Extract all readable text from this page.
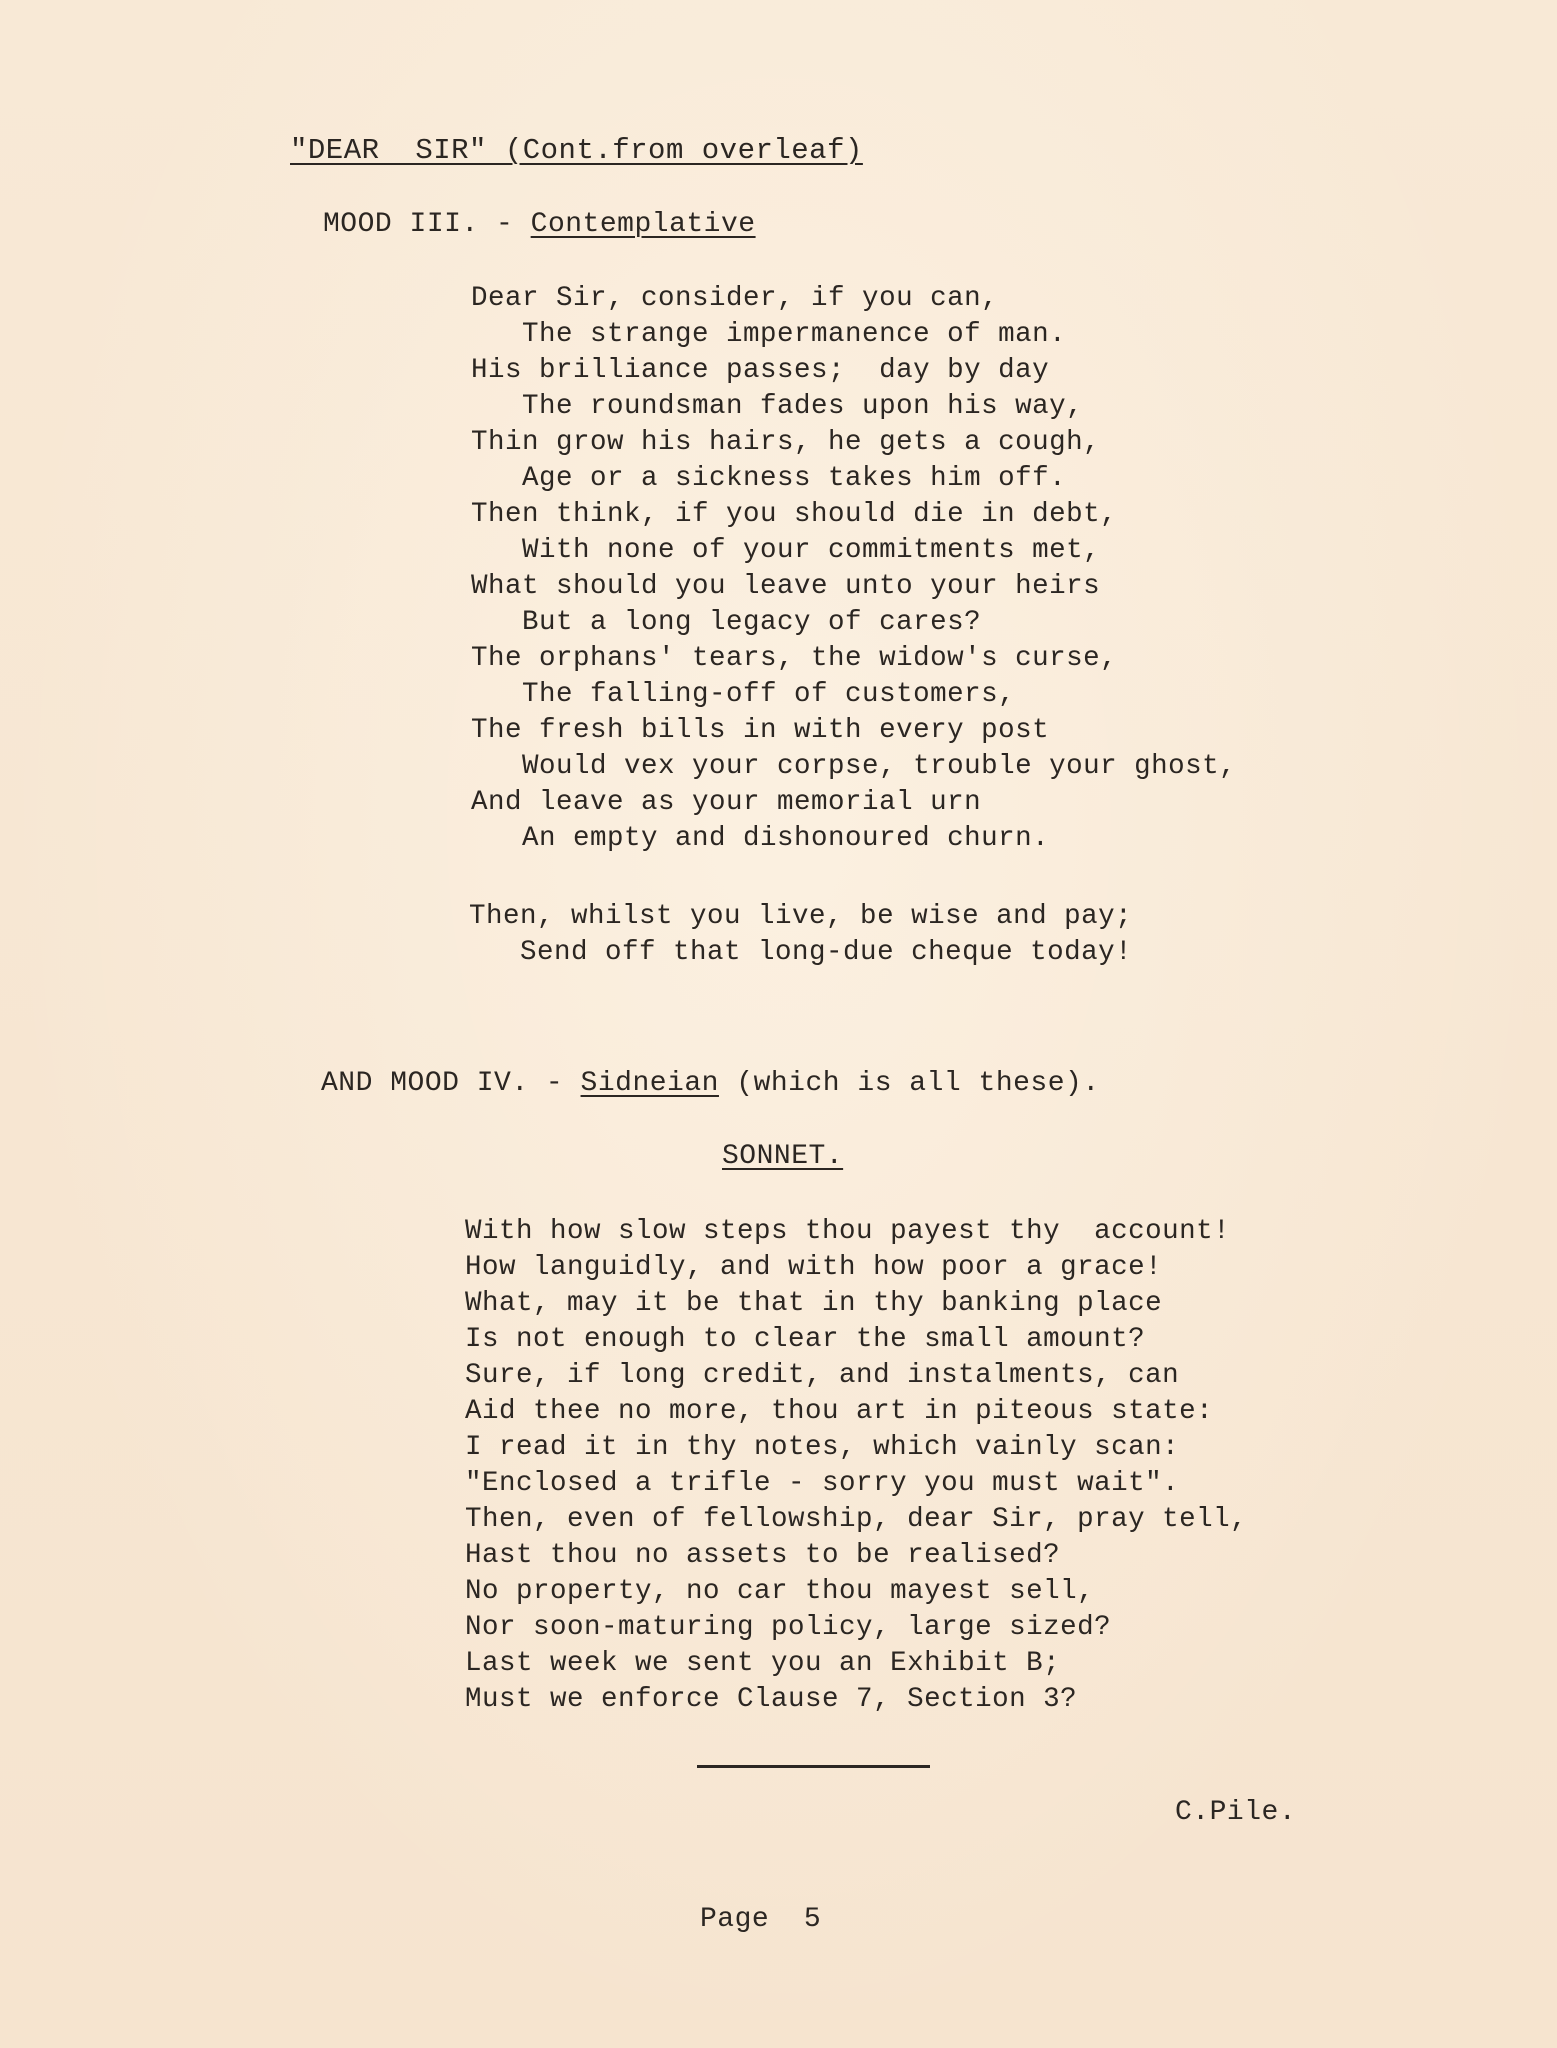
"DEAR  SIR" (Cont.from overleaf)
MOOD III. - Contemplative
Dear Sir, consider, if you can,
The strange impermanence of man.
His brilliance passes;  day by day
The roundsman fades upon his way,
Thin grow his hairs, he gets a cough,
Age or a sickness takes him off.
Then think, if you should die in debt,
With none of your commitments met,
What should you leave unto your heirs
But a long legacy of cares?
The orphans' tears, the widow's curse,
The falling-off of customers,
The fresh bills in with every post
Would vex your corpse, trouble your ghost,
And leave as your memorial urn
An empty and dishonoured churn.
Then, whilst you live, be wise and pay;
Send off that long-due cheque today!
AND MOOD IV. - Sidneian (which is all these).
SONNET.
With how slow steps thou payest thy  account!
How languidly, and with how poor a grace!
What, may it be that in thy banking place
Is not enough to clear the small amount?
Sure, if long credit, and instalments, can
Aid thee no more, thou art in piteous state:
I read it in thy notes, which vainly scan:
"Enclosed a trifle - sorry you must wait".
Then, even of fellowship, dear Sir, pray tell,
Hast thou no assets to be realised?
No property, no car thou mayest sell,
Nor soon-maturing policy, large sized?
Last week we sent you an Exhibit B;
Must we enforce Clause 7, Section 3?
C.Pile.
Page  5
